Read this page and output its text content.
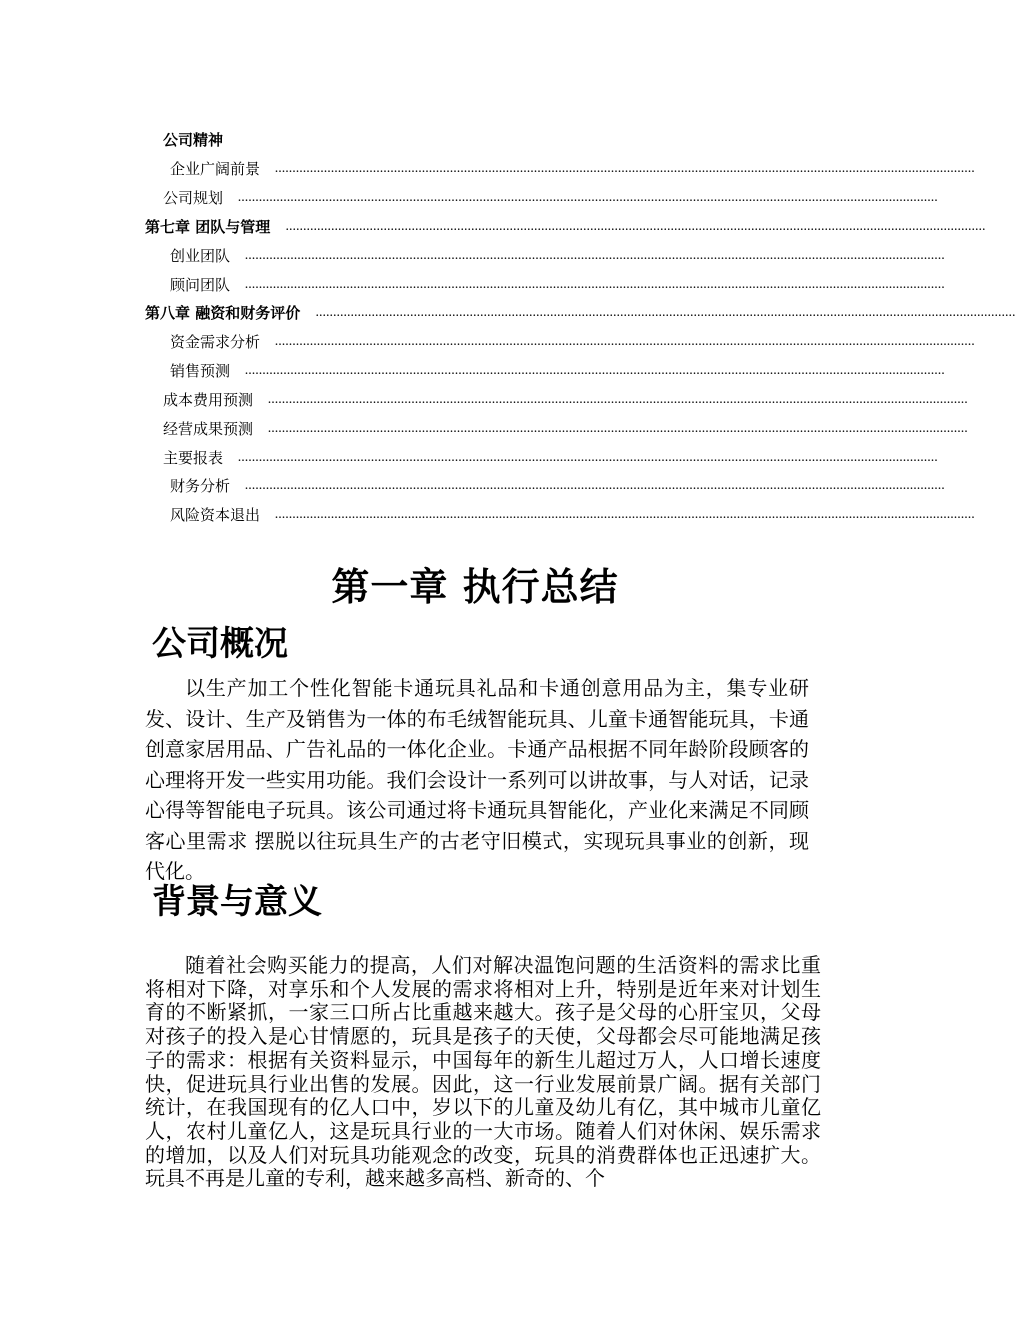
公司精神
企业广阔前景 ........................................................................................................................................................................................................
公司规划 ........................................................................................................................................................................................................
第七章 团队与管理 ........................................................................................................................................................................................................
创业团队 ........................................................................................................................................................................................................
顾问团队 ........................................................................................................................................................................................................
第八章 融资和财务评价 ........................................................................................................................................................................................................
资金需求分析 ........................................................................................................................................................................................................
销售预测 ........................................................................................................................................................................................................
成本费用预测 ........................................................................................................................................................................................................
经营成果预测 ........................................................................................................................................................................................................
主要报表 ........................................................................................................................................................................................................
财务分析 ........................................................................................................................................................................................................
风险资本退出 ........................................................................................................................................................................................................
第一章 执行总结
公司概况

以生产加工个性化智能卡通玩具礼品和卡通创意用品为主，集专业研发、设计、生产及销售为一体的布毛绒智能玩具、儿童卡通智能玩具，卡通创意家居用品、广告礼品的一体化企业。卡通产品根据不同年龄阶段顾客的心理将开发一些实用功能。我们会设计一系列可以讲故事，与人对话，记录心得等智能电子玩具。该公司通过将卡通玩具智能化，产业化来满足不同顾客心里需求 摆脱以往玩具生产的古老守旧模式，实现玩具事业的创新，现代化。

背景与意义

随着社会购买能力的提高，人们对解决温饱问题的生活资料的需求比重将相对下降，对享乐和个人发展的需求将相对上升，特别是近年来对计划生育的不断紧抓，一家三口所占比重越来越大。孩子是父母的心肝宝贝，父母对孩子的投入是心甘情愿的，玩具是孩子的天使，父母都会尽可能地满足孩子的需求：根据有关资料显示，中国每年的新生儿超过万人，人口增长速度快，促进玩具行业出售的发展。因此，这一行业发展前景广阔。据有关部门统计，在我国现有的亿人口中，岁以下的儿童及幼儿有亿，其中城市儿童亿人，农村儿童亿人，这是玩具行业的一大市场。随着人们对休闲、娱乐需求的增加，以及人们对玩具功能观念的改变，玩具的消费群体也正迅速扩大。玩具不再是儿童的专利，越来越多高档、新奇的、个
